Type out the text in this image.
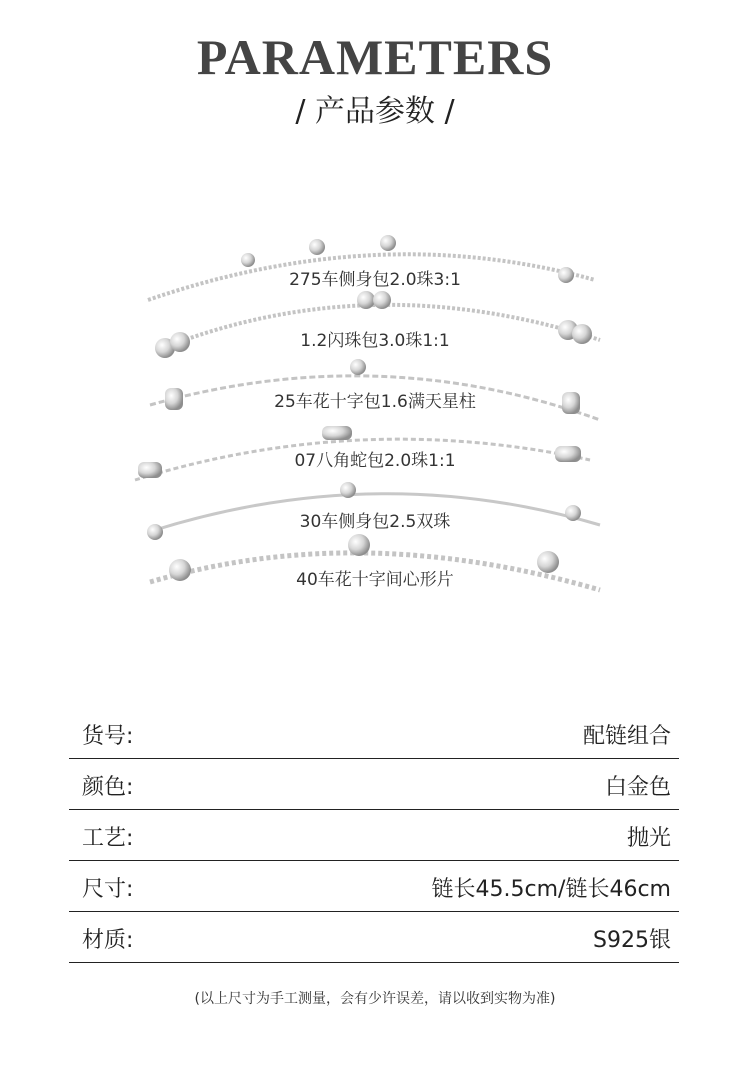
PARAMETERS
/ 产品参数 /
275车侧身包2.0珠3:1
1.2闪珠包3.0珠1:1
25车花十字包1.6满天星柱
07八角蛇包2.0珠1:1
30车侧身包2.5双珠
40车花十字间心形片
货号:	配链组合
颜色:	白金色
工艺:	抛光
尺寸:	链长45.5cm/链长46cm
材质:	S925银
(以上尺寸为手工测量，会有少许误差，请以收到实物为准)
